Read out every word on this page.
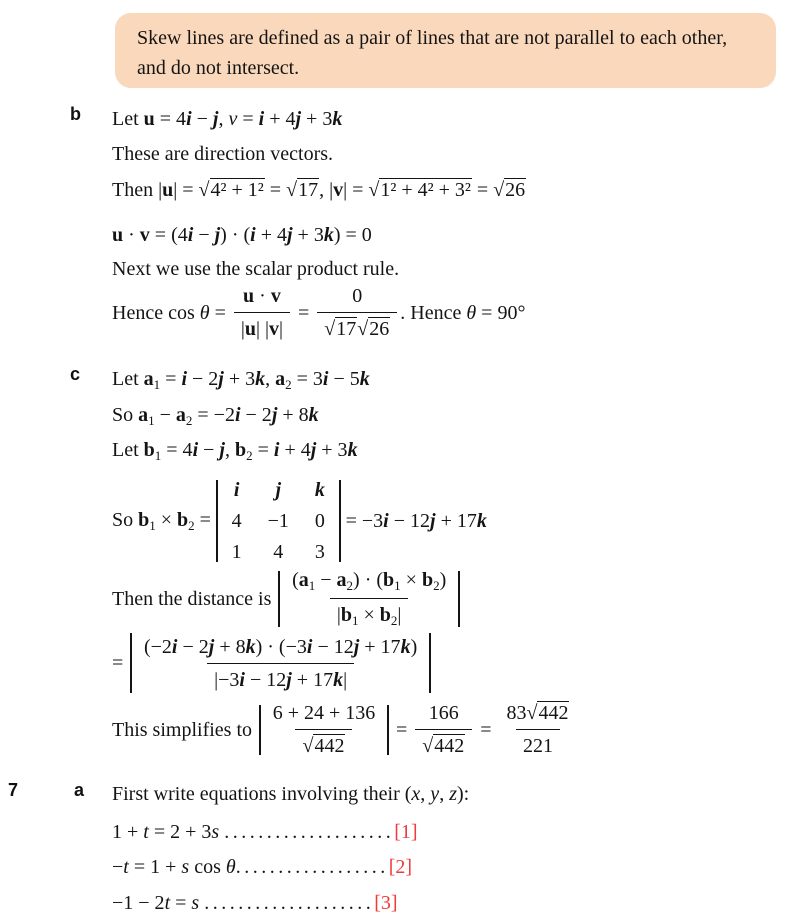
Skew lines are defined as a pair of lines that are not parallel to each other, and do not intersect.

b Let u = 4i − j, v = i + 4j + 3k
These are direction vectors.
Then |u| = √ 4² + 1² = √ 17, |v| = √ 1² + 4² + 3² = √ 26
u · v = (4i − j) · (i + 4j + 3k) = 0
Next we use the scalar product rule.
Hence $\cos \theta = \frac{u \cdot v}{|u| |v|} = 0$
√ 17 √ 26 . Hence θ = 90°
c Let $a_1 = i - 2j + 3k$, $a_2 = 3i - 5k$
So $a_1 - a_2 = -2i - 2j + 8k$
Let $b_1 = 4i - j$, $b_2 = i + 4j + 3k$
So $b_1 \times b_2$ =
i j k
4 −1 0
1 4 3
= −3i − 12j + 17k
Then the distance is $\frac{(a_1 - a_2) \cdot (b_1 \times b_2)}{|b_1 \times b_2|}$
= $\frac{(-2i - 2j + 8k) \cdot (-3i - 12j + 17k)}{|-3i - 12j + 17k|}$
This simplifies to 6 + 24 + 136
√ 442 = 166
√ $442 = \frac{83 √ 442}{221}$
7	a First write equations involving their (x, y, z):
1 + t = 2 + 3s ....................[1]
−t = 1 + s cos θ..................[2]
−1 − 2t = s ....................[3]
